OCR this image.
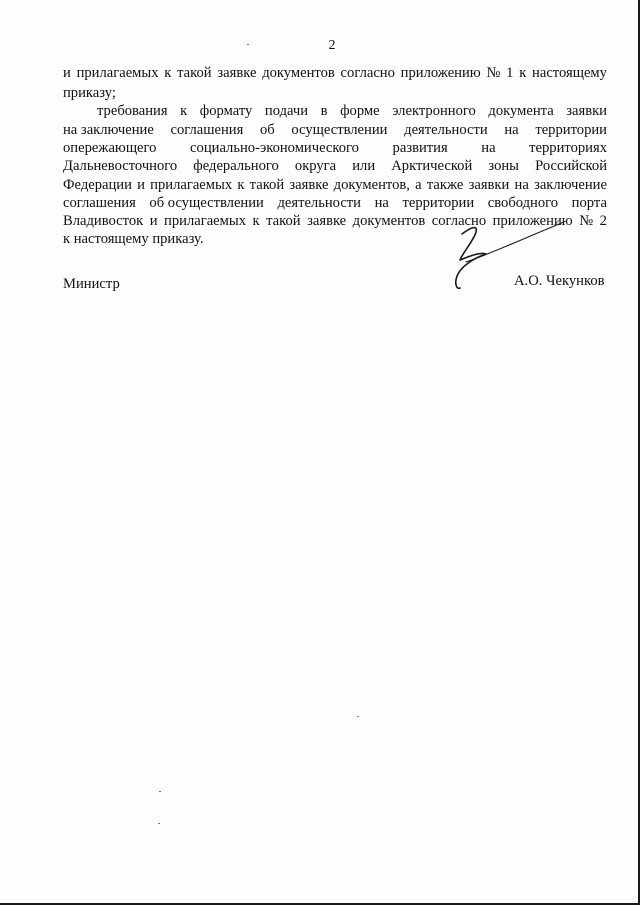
2
и прилагаемых к такой заявке документов согласно приложению № 1 к настоящему
приказу;
требования к формату подачи в форме электронного документа заявки
на заключение соглашения об осуществлении деятельности на территории
опережающего социально-экономического развития на территориях
Дальневосточного федерального округа или Арктической зоны Российской
Федерации и прилагаемых к такой заявке документов, а также заявки на заключение
соглашения об осуществлении деятельности на территории свободного порта
Владивосток и прилагаемых к такой заявке документов согласно приложению № 2
к настоящему приказу.
Министр	А.О. Чекунков
